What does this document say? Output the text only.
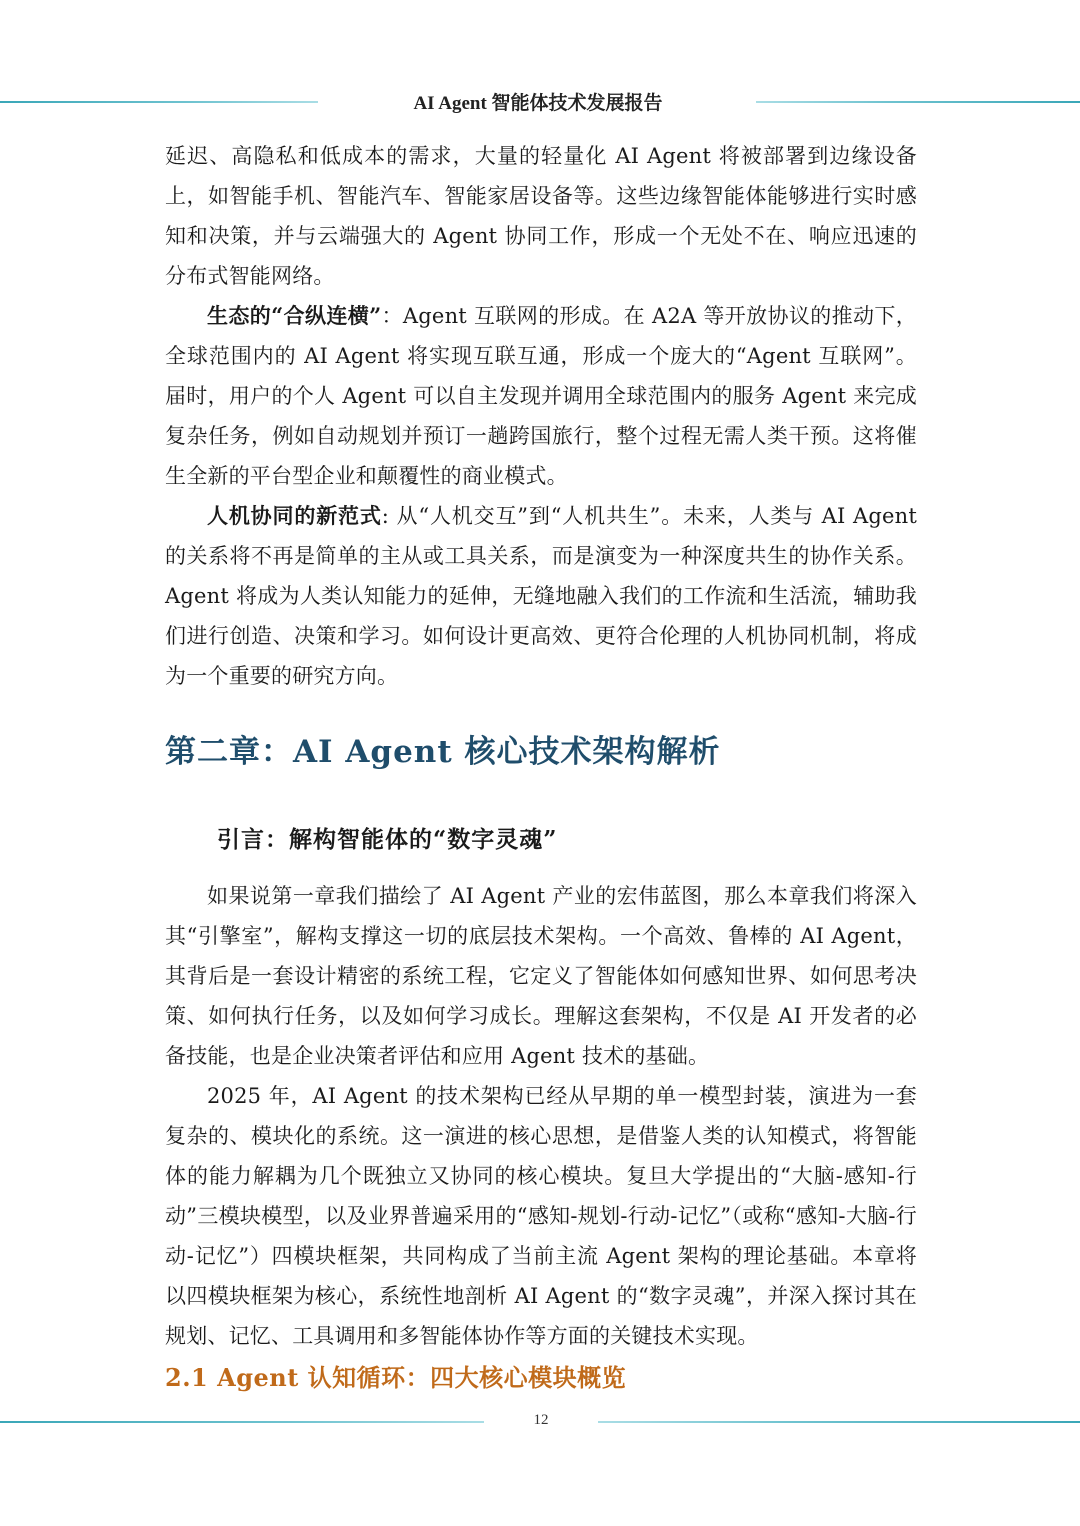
AI Agent 智能体技术发展报告

延迟、高隐私和低成本的需求，大量的轻量化 AI Agent 将被部署到边缘设备上，如智能手机、智能汽车、智能家居设备等。这些边缘智能体能够进行实时感知和决策，并与云端强大的 Agent 协同工作，形成一个无处不在、响应迅速的分布式智能网络。

生态的“合纵连横”：Agent 互联网的形成。在 A2A 等开放协议的推动下，全球范围内的 AI Agent 将实现互联互通，形成一个庞大的“Agent 互联网”。届时，用户的个人 Agent 可以自主发现并调用全球范围内的服务 Agent 来完成复杂任务，例如自动规划并预订一趟跨国旅行，整个过程无需人类干预。这将催生全新的平台型企业和颠覆性的商业模式。

人机协同的新范式: 从“人机交互”到“人机共生”。未来，人类与 AI Agent 的关系将不再是简单的主从或工具关系，而是演变为一种深度共生的协作关系。Agent 将成为人类认知能力的延伸，无缝地融入我们的工作流和生活流，辅助我们进行创造、决策和学习。如何设计更高效、更符合伦理的人机协同机制，将成为一个重要的研究方向。

第二章：AI Agent 核心技术架构解析
引言：解构智能体的“数字灵魂”

如果说第一章我们描绘了 AI Agent 产业的宏伟蓝图，那么本章我们将深入其“引擎室”，解构支撑这一切的底层技术架构。一个高效、鲁棒的 AI Agent，其背后是一套设计精密的系统工程，它定义了智能体如何感知世界、如何思考决策、如何执行任务，以及如何学习成长。理解这套架构，不仅是 AI 开发者的必备技能，也是企业决策者评估和应用 Agent 技术的基础。

2025 年，AI Agent 的技术架构已经从早期的单一模型封装，演进为一套复杂的、模块化的系统。这一演进的核心思想，是借鉴人类的认知模式，将智能体的能力解耦为几个既独立又协同的核心模块。复旦大学提出的“大脑-感知-行动”三模块模型，以及业界普遍采用的“感知-规划-行动-记忆”（或称“感知-大脑-行动-记忆”）四模块框架，共同构成了当前主流 Agent 架构的理论基础。本章将以四模块框架为核心，系统性地剖析 AI Agent 的“数字灵魂”，并深入探讨其在规划、记忆、工具调用和多智能体协作等方面的关键技术实现。

2.1 Agent 认知循环：四大核心模块概览
12
